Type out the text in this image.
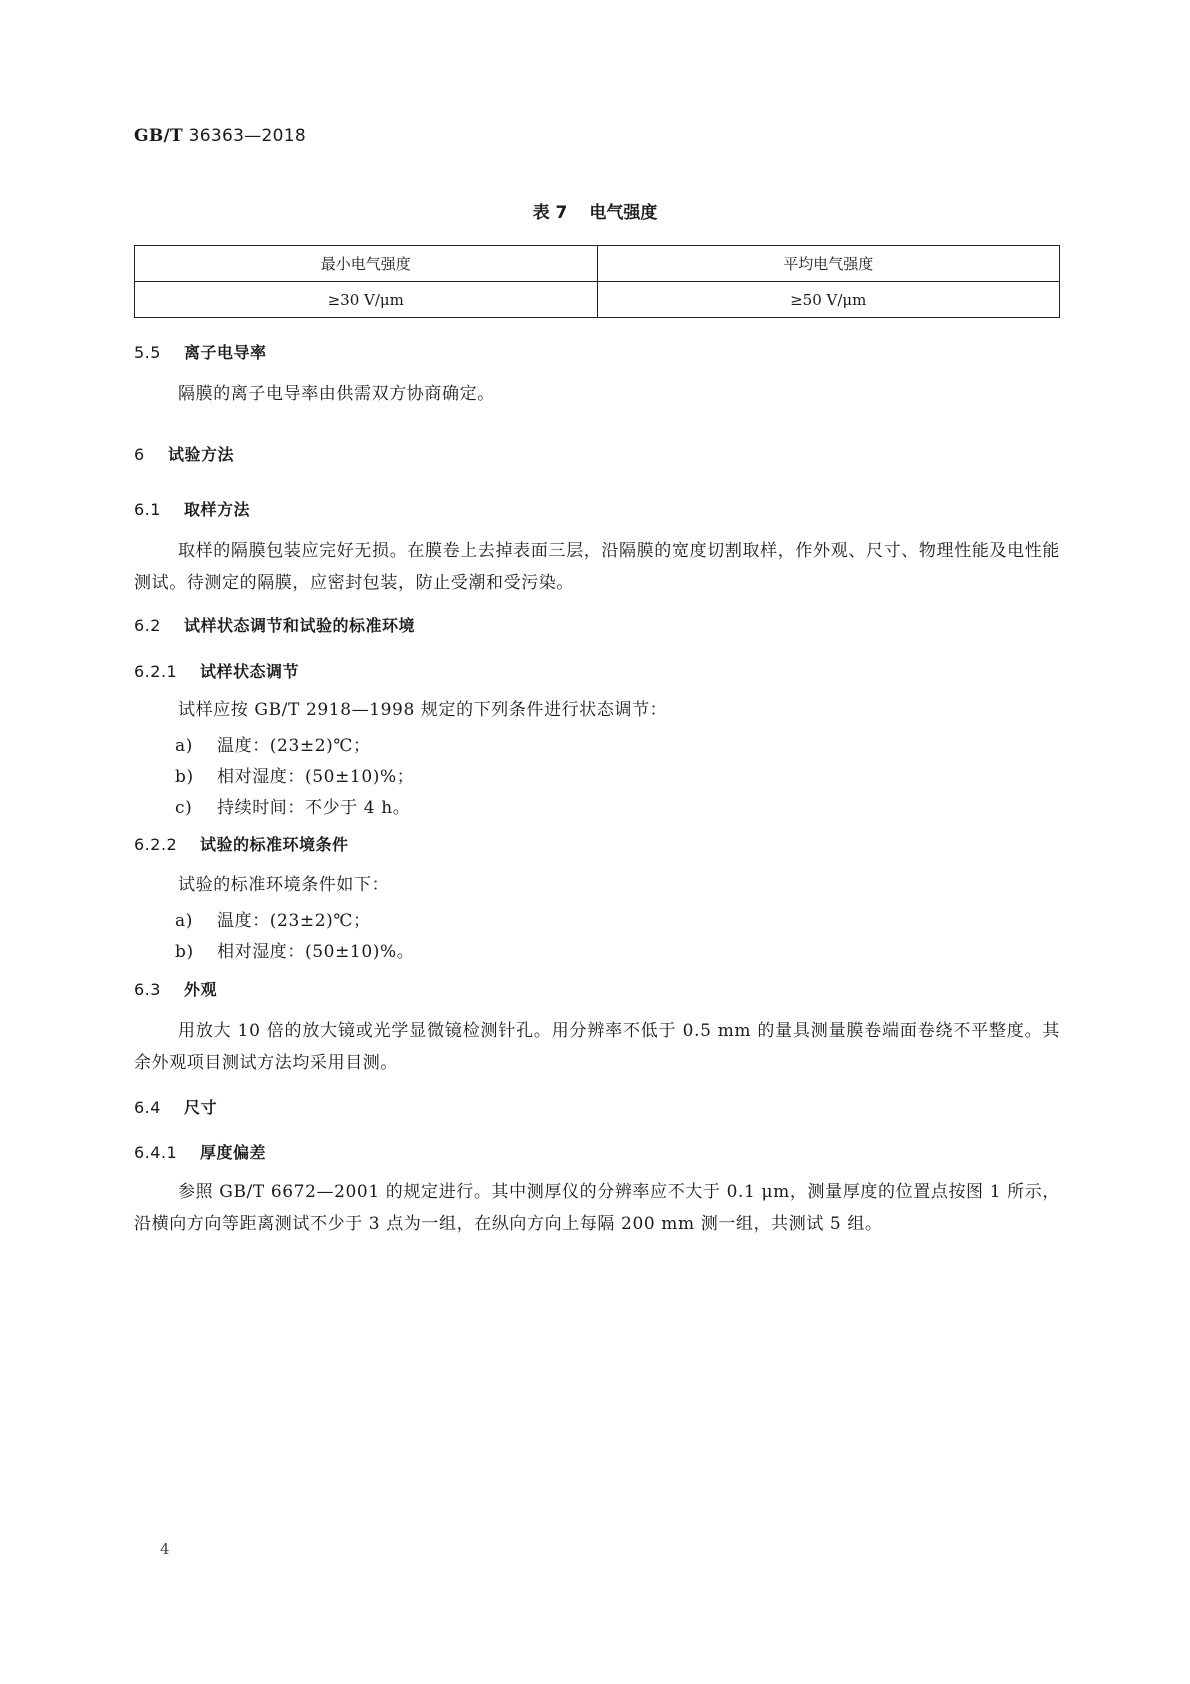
GB/T 36363—2018
表 7 电气强度
最小电气强度	平均电气强度
≥30 V/μm	≥50 V/μm
5.5 离子电导率
隔膜的离子电导率由供需双方协商确定。
6 试验方法
6.1 取样方法
取样的隔膜包装应完好无损。在膜卷上去掉表面三层，沿隔膜的宽度切割取样，作外观、尺寸、物理性能及电性能测试。待测定的隔膜，应密封包装，防止受潮和受污染。
6.2 试样状态调节和试验的标准环境
6.2.1 试样状态调节
试样应按 GB/T 2918—1998 规定的下列条件进行状态调节：
a) 温度：(23±2)℃；
b) 相对湿度：(50±10)%；
c) 持续时间：不少于 4 h。
6.2.2 试验的标准环境条件
试验的标准环境条件如下：
a) 温度：(23±2)℃；
b) 相对湿度：(50±10)%。
6.3 外观
用放大 10 倍的放大镜或光学显微镜检测针孔。用分辨率不低于 0.5 mm 的量具测量膜卷端面卷绕不平整度。其余外观项目测试方法均采用目测。
6.4 尺寸
6.4.1 厚度偏差
参照 GB/T 6672—2001 的规定进行。其中测厚仪的分辨率应不大于 0.1 μm，测量厚度的位置点按图 1 所示，沿横向方向等距离测试不少于 3 点为一组，在纵向方向上每隔 200 mm 测一组，共测试 5 组。
4
